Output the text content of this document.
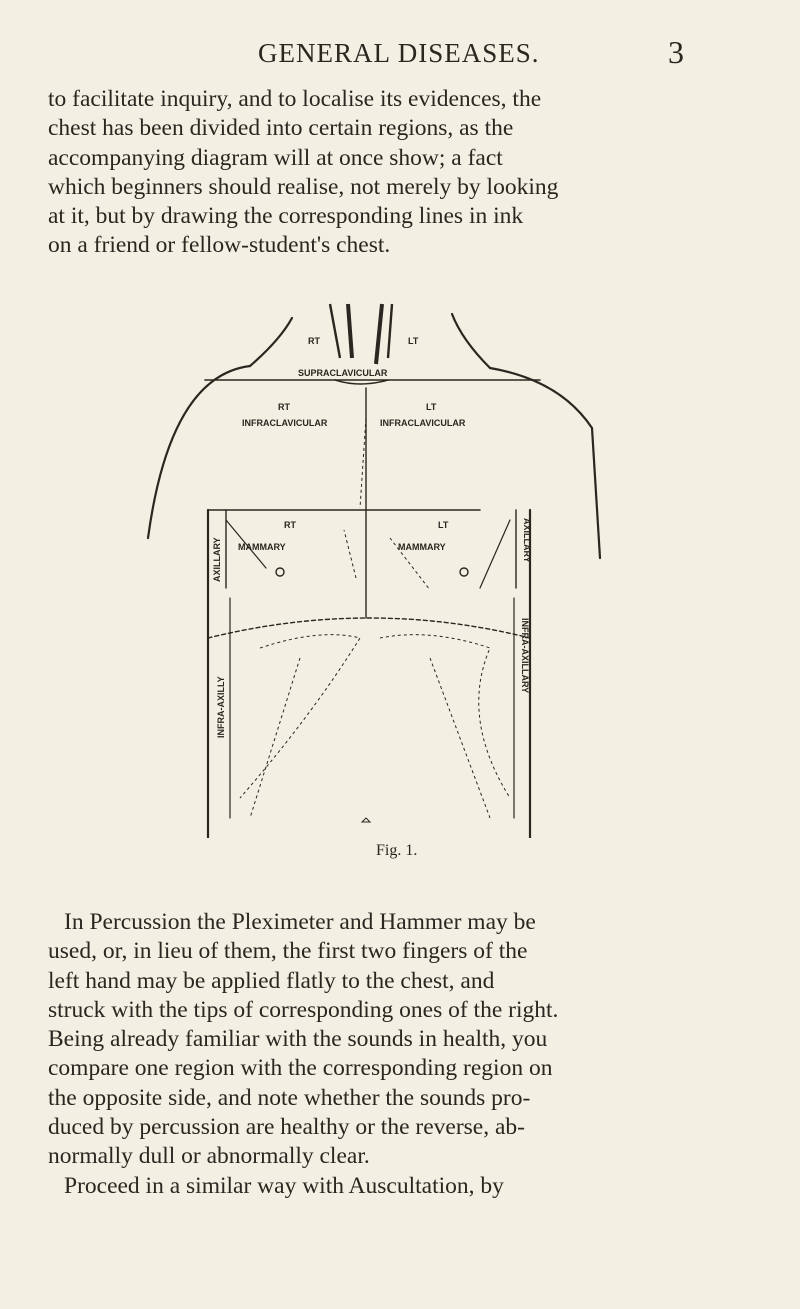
GENERAL DISEASES.	3

to facilitate inquiry, and to localise its evidences, the
chest has been divided into certain regions, as the
accompanying diagram will at once show; a fact
which beginners should realise, not merely by looking
at it, but by drawing the corresponding lines in ink
on a friend or fellow-student's chest.

RT	LT
SUPRACLAVICULAR
RT
INFRACLAVICULAR
LT
INFRACLAVICULAR
RT
MAMMARY
LT
MAMMARY
AXILLARY	AXILLARY
INFRA-AXILLY
INFRA-AXILLARY
Fig. 1.

In Percussion the Pleximeter and Hammer may be
used, or, in lieu of them, the first two fingers of the
left hand may be applied flatly to the chest, and
struck with the tips of corresponding ones of the right.
Being already familiar with the sounds in health, you
compare one region with the corresponding region on
the opposite side, and note whether the sounds pro-
duced by percussion are healthy or the reverse, ab-
normally dull or abnormally clear.
Proceed in a similar way with Auscultation, by
